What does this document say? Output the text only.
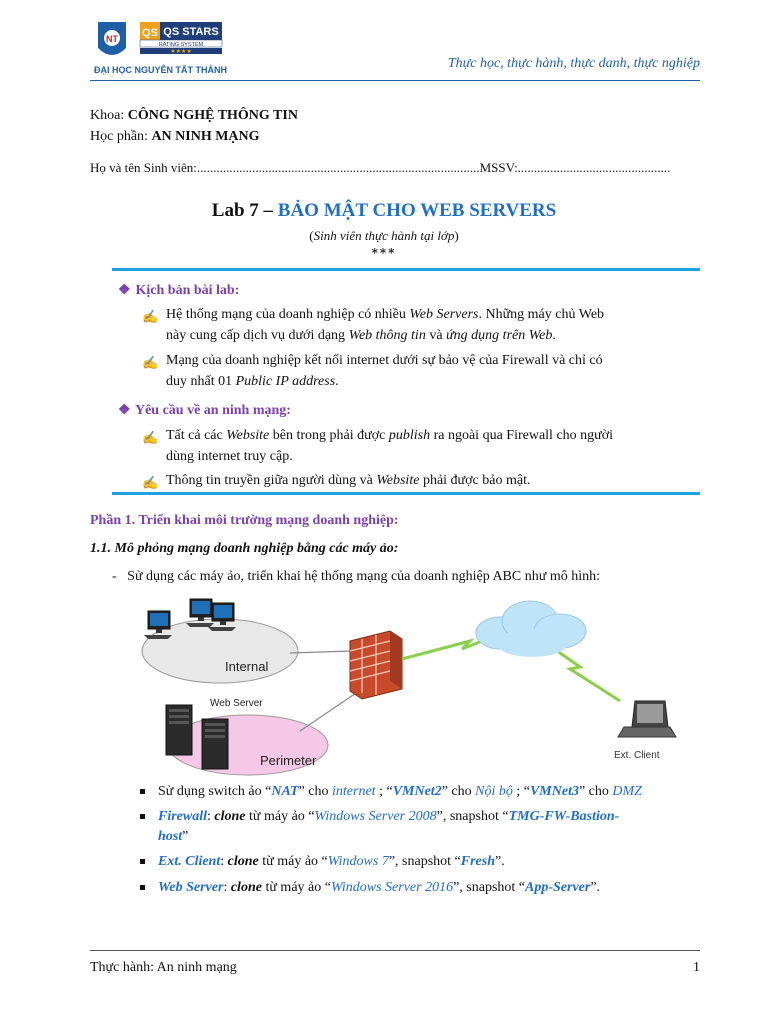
NT QS QS STARS
RATING SYSTEM
★★★★
ĐẠI HỌC NGUYỄN TẤT THÀNH	Thực học, thực hành, thực danh, thực nghiệp
Khoa: CÔNG NGHỆ THÔNG TIN
Học phần: AN NINH MẠNG
Họ và tên Sinh viên:.......................................................................................MSSV:...............................................
Lab 7 – BẢO MẬT CHO WEB SERVERS
(Sinh viên thực hành tại lớp)
***
❖ Kịch bản bài lab:
✍ Hệ thống mạng của doanh nghiệp có nhiều Web Servers. Những máy chủ Web
này cung cấp dịch vụ dưới dạng Web thông tin và ứng dụng trên Web.
✍ Mạng của doanh nghiệp kết nối internet dưới sự bảo vệ của Firewall và chỉ có
duy nhất 01 Public IP address.
❖ Yêu cầu về an ninh mạng:
✍ Tất cả các Website bên trong phải được publish ra ngoài qua Firewall cho người
dùng internet truy cập.
✍ Thông tin truyền giữa người dùng và Website phải được bảo mật.
Phần 1. Triển khai môi trường mạng doanh nghiệp:
1.1. Mô phỏng mạng doanh nghiệp bằng các máy ảo:
- Sử dụng các máy ảo, triển khai hệ thống mạng của doanh nghiệp ABC như mô hình:
Internal
Perimeter
Web Server
Ext. Client
Sử dụng switch ảo “NAT” cho internet ; “VMNet2” cho Nội bộ ; “VMNet3” cho DMZ
Firewall: clone từ máy ảo “Windows Server 2008”, snapshot “TMG-FW-Bastion-
host”
Ext. Client: clone từ máy ảo “Windows 7”, snapshot “Fresh”.
Web Server: clone từ máy ảo “Windows Server 2016”, snapshot “App-Server”.
Thực hành: An ninh mạng	1
